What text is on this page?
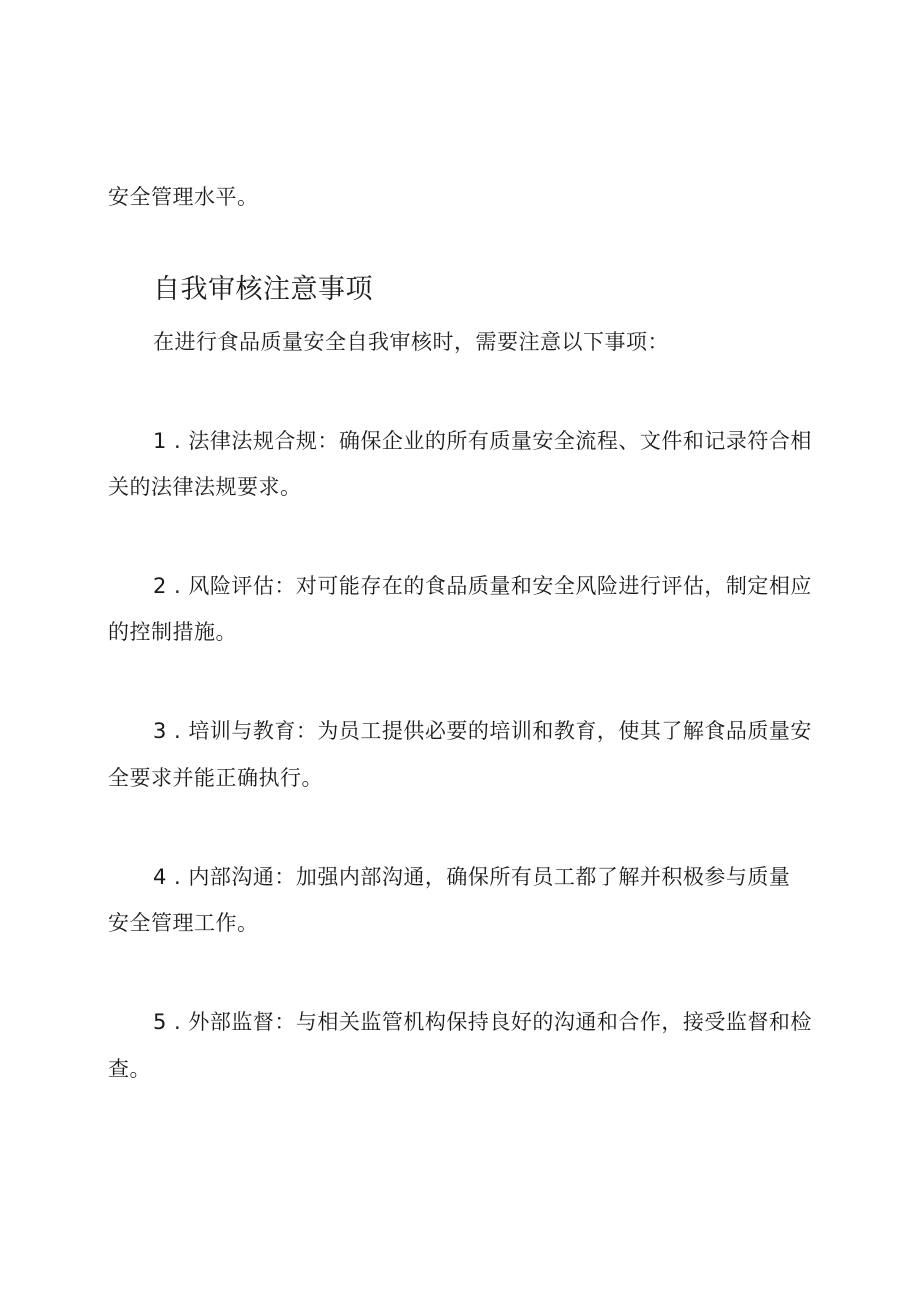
安全管理水平。
自我审核注意事项
在进行食品质量安全自我审核时，需要注意以下事项：
1 . 法律法规合规：确保企业的所有质量安全流程、文件和记录符合相
关的法律法规要求。
2 . 风险评估：对可能存在的食品质量和安全风险进行评估，制定相应
的控制措施。
3 . 培训与教育：为员工提供必要的培训和教育，使其了解食品质量安
全要求并能正确执行。
4 . 内部沟通：加强内部沟通，确保所有员工都了解并积极参与质量
安全管理工作。
5 . 外部监督：与相关监管机构保持良好的沟通和合作，接受监督和检
查。
